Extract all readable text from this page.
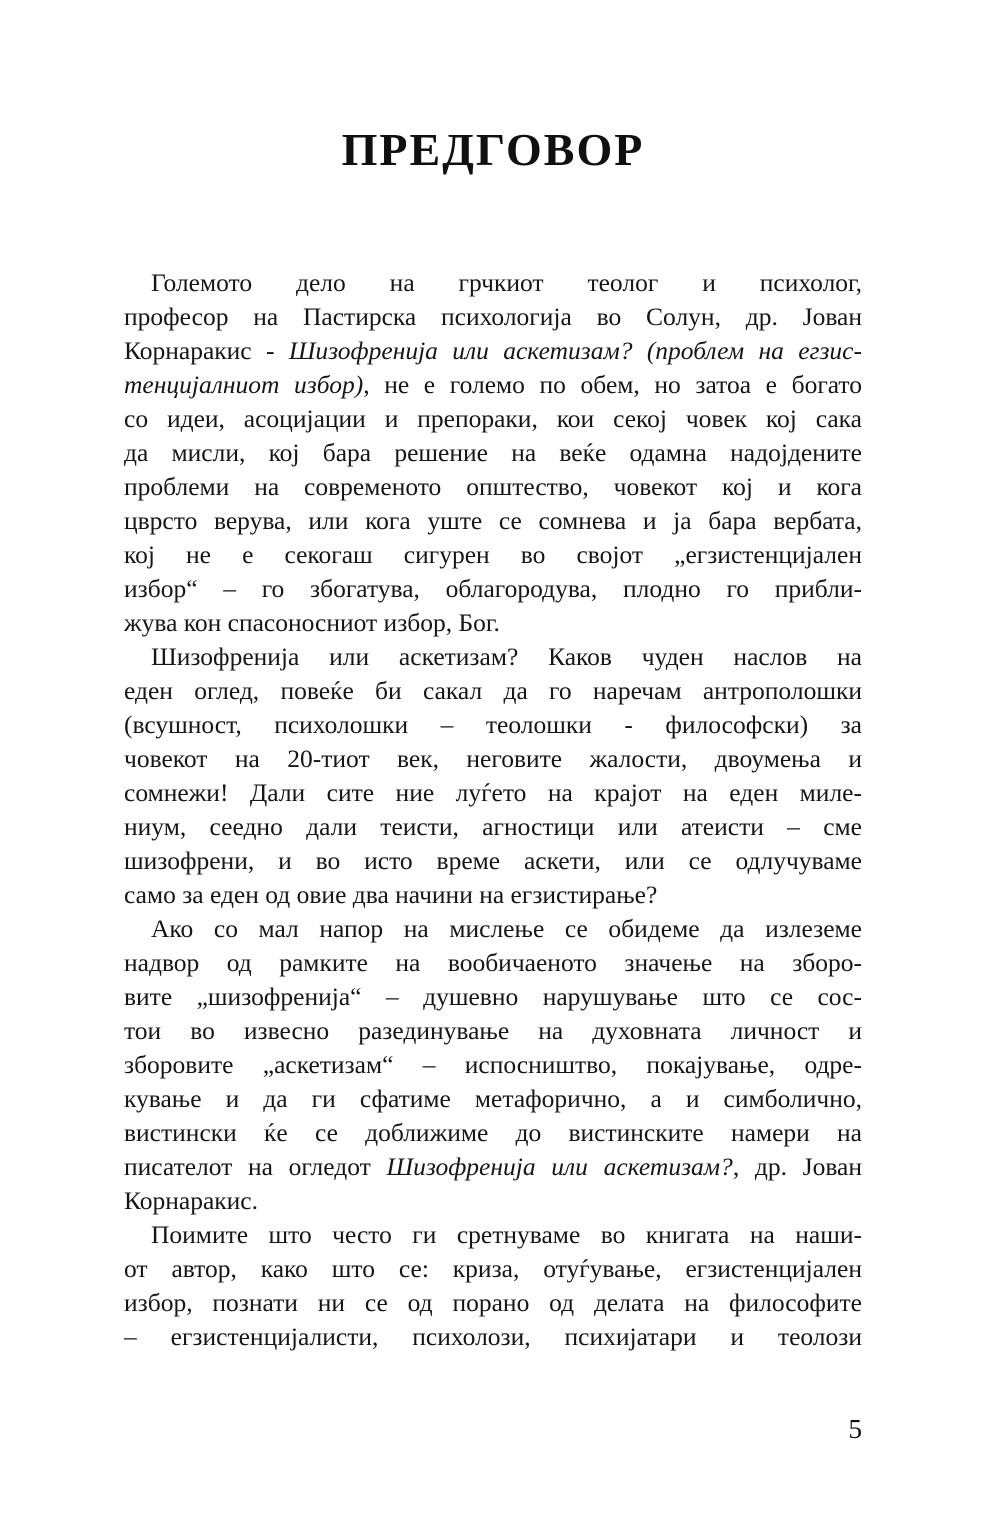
ПРЕДГОВОР
Големото дело на грчкиот теолог и психолог,
професор на Пастирска психологија во Солун, др. Јован
Корнаракис - Шизофренија или аскетизам? (проблем на егзис-
тенцијалниот избор), не е големо по обем, но затоа е богато
со идеи, асоцијации и препораки, кои секој човек кој сака
да мисли, кој бара решение на веќе одамна надојдените
проблеми на современото општество, човекот кој и кога
цврсто верува, или кога уште се сомнева и ја бара вербата,
кој не е секогаш сигурен во својот „егзистенцијален
избор“ – го збогатува, облагородува, плодно го прибли-
жува кон спасоносниот избор, Бог.
Шизофренија или аскетизам? Каков чуден наслов на
еден оглед, повеќе би сакал да го наречам антрополошки
(всушност, психолошки – теолошки - философски) за
човекот на 20-тиот век, неговите жалости, двоумења и
сомнежи! Дали сите ние луѓето на крајот на еден миле-
ниум, сеедно дали теисти, агностици или атеисти – сме
шизофрени, и во исто време аскети, или се одлучуваме
само за еден од овие два начини на егзистирање?
Ако со мал напор на мислење се обидеме да излеземе
надвор од рамките на вообичаеното значење на зборо-
вите „шизофренија“ – душевно нарушување што се сос-
тои во извесно разединување на духовната личност и
зборовите „аскетизам“ – испосништво, покајување, одре-
кување и да ги сфатиме метафорично, а и симболично,
вистински ќе се доближиме до вистинските намери на
писателот на огледот Шизофренија или аскетизам?, др. Јован
Корнаракис.
Поимите што често ги сретнуваме во книгата на наши-
от автор, како што се: криза, отуѓување, егзистенцијален
избор, познати ни се од порано од делата на философите
– егзистенцијалисти, психолози, психијатари и теолози
5
